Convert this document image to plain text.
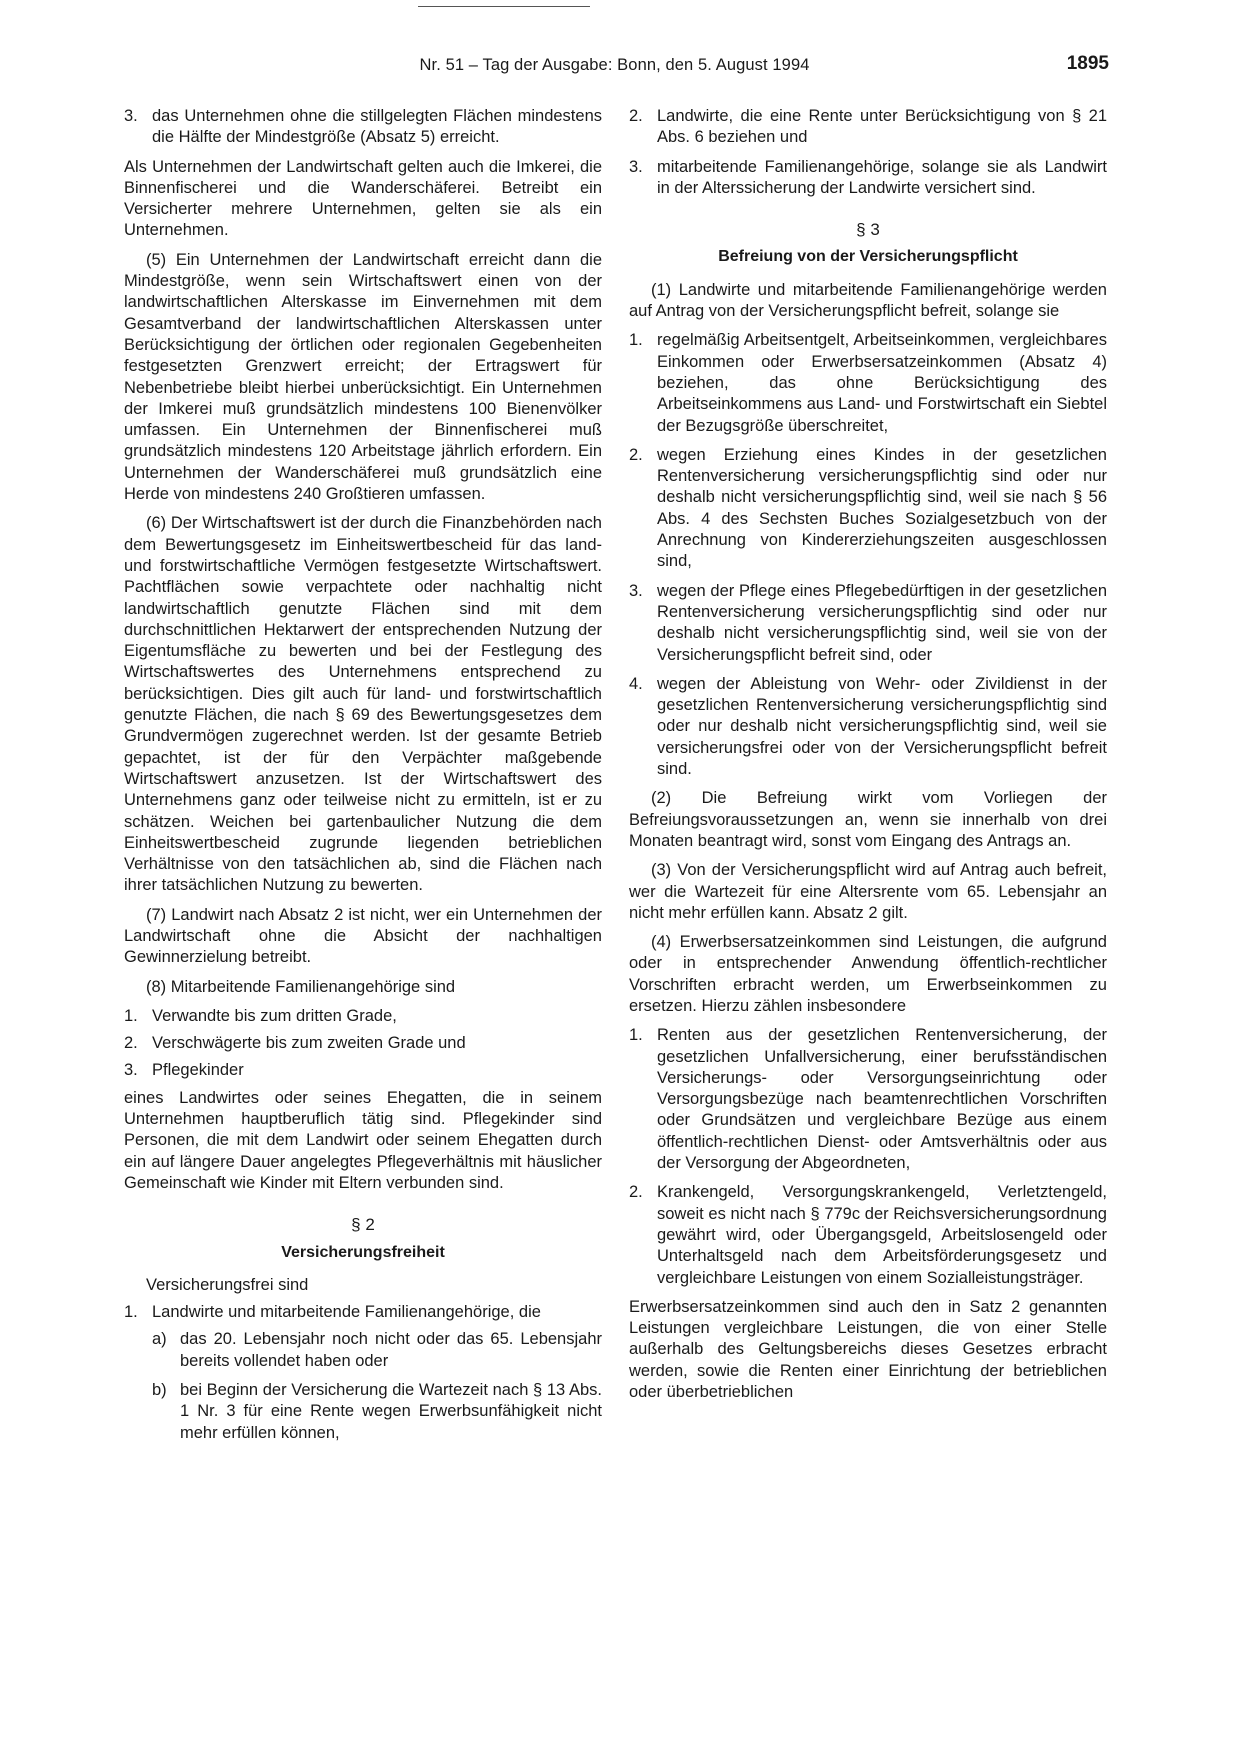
Nr. 51 – Tag der Ausgabe: Bonn, den 5. August 1994	1895
3. das Unternehmen ohne die stillgelegten Flächen mindestens die Hälfte der Mindestgröße (Absatz 5) erreicht.

Als Unternehmen der Landwirtschaft gelten auch die Imkerei, die Binnenfischerei und die Wanderschäferei. Betreibt ein Versicherter mehrere Unternehmen, gelten sie als ein Unternehmen.

(5) Ein Unternehmen der Landwirtschaft erreicht dann die Mindestgröße, wenn sein Wirtschaftswert einen von der landwirtschaftlichen Alterskasse im Einvernehmen mit dem Gesamtverband der landwirtschaftlichen Alterskassen unter Berücksichtigung der örtlichen oder regionalen Gegebenheiten festgesetzten Grenzwert erreicht; der Ertragswert für Nebenbetriebe bleibt hierbei unberücksichtigt. Ein Unternehmen der Imkerei muß grundsätzlich mindestens 100 Bienenvölker umfassen. Ein Unternehmen der Binnenfischerei muß grundsätzlich mindestens 120 Arbeitstage jährlich erfordern. Ein Unternehmen der Wanderschäferei muß grundsätzlich eine Herde von mindestens 240 Großtieren umfassen.

(6) Der Wirtschaftswert ist der durch die Finanzbehörden nach dem Bewertungsgesetz im Einheitswertbescheid für das land- und forstwirtschaftliche Vermögen festgesetzte Wirtschaftswert. Pachtflächen sowie verpachtete oder nachhaltig nicht landwirtschaftlich genutzte Flächen sind mit dem durchschnittlichen Hektarwert der entsprechenden Nutzung der Eigentumsfläche zu bewerten und bei der Festlegung des Wirtschaftswertes des Unternehmens entsprechend zu berücksichtigen. Dies gilt auch für land- und forstwirtschaftlich genutzte Flächen, die nach § 69 des Bewertungsgesetzes dem Grundvermögen zugerechnet werden. Ist der gesamte Betrieb gepachtet, ist der für den Verpächter maßgebende Wirtschaftswert anzusetzen. Ist der Wirtschaftswert des Unternehmens ganz oder teilweise nicht zu ermitteln, ist er zu schätzen. Weichen bei gartenbaulicher Nutzung die dem Einheitswertbescheid zugrunde liegenden betrieblichen Verhältnisse von den tatsächlichen ab, sind die Flächen nach ihrer tatsächlichen Nutzung zu bewerten.

(7) Landwirt nach Absatz 2 ist nicht, wer ein Unternehmen der Landwirtschaft ohne die Absicht der nachhaltigen Gewinnerzielung betreibt.

(8) Mitarbeitende Familienangehörige sind

1. Verwandte bis zum dritten Grade,
2. Verschwägerte bis zum zweiten Grade und
3. Pflegekinder

eines Landwirtes oder seines Ehegatten, die in seinem Unternehmen hauptberuflich tätig sind. Pflegekinder sind Personen, die mit dem Landwirt oder seinem Ehegatten durch ein auf längere Dauer angelegtes Pflegeverhältnis mit häuslicher Gemeinschaft wie Kinder mit Eltern verbunden sind.

§ 2
Versicherungsfreiheit
Versicherungsfrei sind
1. Landwirte und mitarbeitende Familienangehörige, die
a) das 20. Lebensjahr noch nicht oder das 65. Lebensjahr bereits vollendet haben oder
b) bei Beginn der Versicherung die Wartezeit nach § 13 Abs. 1 Nr. 3 für eine Rente wegen Erwerbsunfähigkeit nicht mehr erfüllen können,
2. Landwirte, die eine Rente unter Berücksichtigung von § 21 Abs. 6 beziehen und
3. mitarbeitende Familienangehörige, solange sie als Landwirt in der Alterssicherung der Landwirte versichert sind.
§ 3
Befreiung von der Versicherungspflicht

(1) Landwirte und mitarbeitende Familienangehörige werden auf Antrag von der Versicherungspflicht befreit, solange sie

1. regelmäßig Arbeitsentgelt, Arbeitseinkommen, vergleichbares Einkommen oder Erwerbsersatzeinkommen (Absatz 4) beziehen, das ohne Berücksichtigung des Arbeitseinkommens aus Land- und Forstwirtschaft ein Siebtel der Bezugsgröße überschreitet,
2. wegen Erziehung eines Kindes in der gesetzlichen Rentenversicherung versicherungspflichtig sind oder nur deshalb nicht versicherungspflichtig sind, weil sie nach § 56 Abs. 4 des Sechsten Buches Sozialgesetzbuch von der Anrechnung von Kindererziehungszeiten ausgeschlossen sind,
3. wegen der Pflege eines Pflegebedürftigen in der gesetzlichen Rentenversicherung versicherungspflichtig sind oder nur deshalb nicht versicherungspflichtig sind, weil sie von der Versicherungspflicht befreit sind, oder
4. wegen der Ableistung von Wehr- oder Zivildienst in der gesetzlichen Rentenversicherung versicherungspflichtig sind oder nur deshalb nicht versicherungspflichtig sind, weil sie versicherungsfrei oder von der Versicherungspflicht befreit sind.

(2) Die Befreiung wirkt vom Vorliegen der Befreiungsvoraussetzungen an, wenn sie innerhalb von drei Monaten beantragt wird, sonst vom Eingang des Antrags an.

(3) Von der Versicherungspflicht wird auf Antrag auch befreit, wer die Wartezeit für eine Altersrente vom 65. Lebensjahr an nicht mehr erfüllen kann. Absatz 2 gilt.

(4) Erwerbsersatzeinkommen sind Leistungen, die aufgrund oder in entsprechender Anwendung öffentlich-rechtlicher Vorschriften erbracht werden, um Erwerbseinkommen zu ersetzen. Hierzu zählen insbesondere

1. Renten aus der gesetzlichen Rentenversicherung, der gesetzlichen Unfallversicherung, einer berufsständischen Versicherungs- oder Versorgungseinrichtung oder Versorgungsbezüge nach beamtenrechtlichen Vorschriften oder Grundsätzen und vergleichbare Bezüge aus einem öffentlich-rechtlichen Dienst- oder Amtsverhältnis oder aus der Versorgung der Abgeordneten,
2. Krankengeld, Versorgungskrankengeld, Verletztengeld, soweit es nicht nach § 779c der Reichsversicherungsordnung gewährt wird, oder Übergangsgeld, Arbeitslosengeld oder Unterhaltsgeld nach dem Arbeitsförderungsgesetz und vergleichbare Leistungen von einem Sozialleistungsträger.

Erwerbsersatzeinkommen sind auch den in Satz 2 genannten Leistungen vergleichbare Leistungen, die von einer Stelle außerhalb des Geltungsbereichs dieses Gesetzes erbracht werden, sowie die Renten einer Einrichtung der betrieblichen oder überbetrieblichen
